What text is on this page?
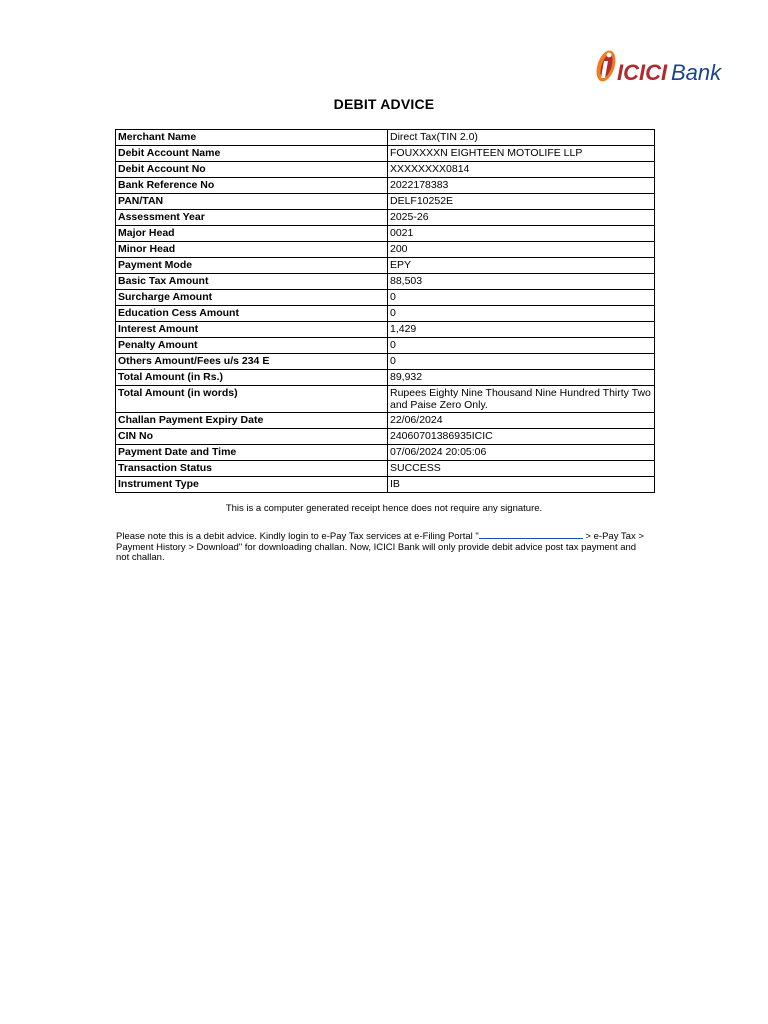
ICICI Bank
DEBIT ADVICE
Merchant Name	Direct Tax(TIN 2.0)
Debit Account Name	FOUXXXXN EIGHTEEN MOTOLIFE LLP
Debit Account No	XXXXXXXX0814
Bank Reference No	2022178383
PAN/TAN	DELF10252E
Assessment Year	2025-26
Major Head	0021
Minor Head	200
Payment Mode	EPY
Basic Tax Amount	88,503
Surcharge Amount	0
Education Cess Amount	0
Interest Amount	1,429
Penalty Amount	0
Others Amount/Fees u/s 234 E	0
Total Amount (in Rs.)	89,932
Total Amount (in words)	Rupees Eighty Nine Thousand Nine Hundred Thirty Two and Paise Zero Only.
Challan Payment Expiry Date	22/06/2024
CIN No	24060701386935ICIC
Payment Date and Time	07/06/2024 20:05:06
Transaction Status	SUCCESS
Instrument Type	IB
This is a computer generated receipt hence does not require any signature.
Please note this is a debit advice. Kindly login to e-Pay Tax services at e-Filing Portal "	> e-Pay Tax > Payment History > Download" for downloading challan. Now, ICICI Bank will only provide debit advice post tax payment and not challan.
